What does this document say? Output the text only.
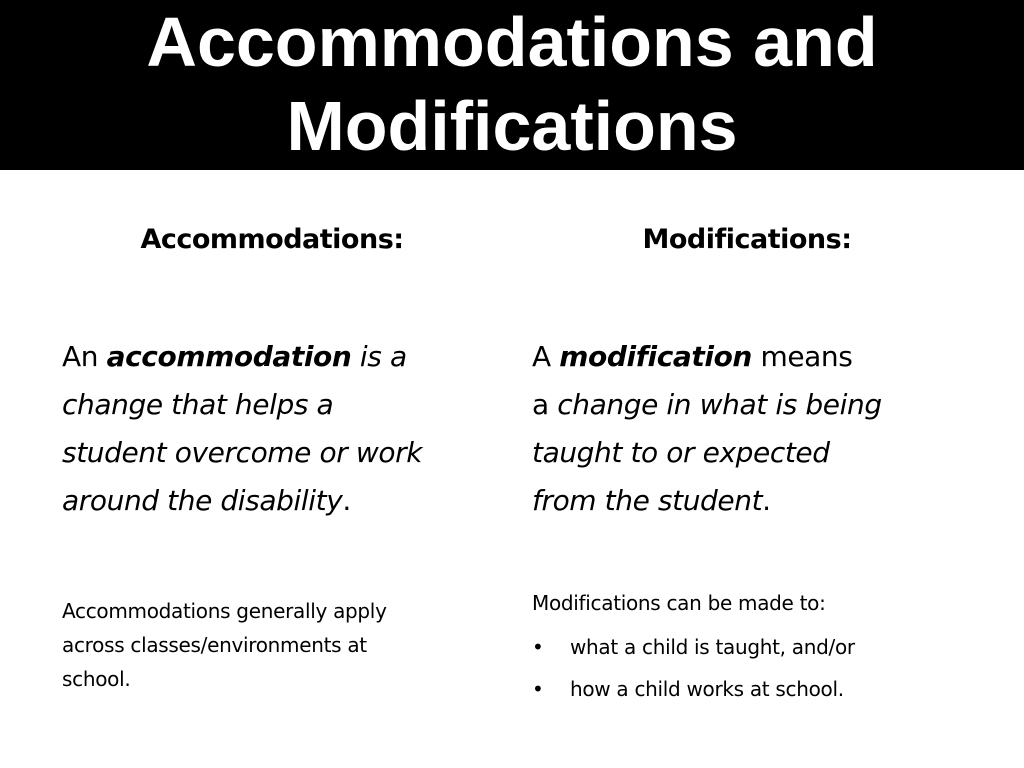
Accommodations and
Modifications
Accommodations:	Modifications:

An accommodation is a
change that helps a
student overcome or work
around the disability.

A modification means
a change in what is being
taught to or expected
from the student.

Accommodations generally apply
across classes/environments at
school.

Modifications can be made to:

• what a child is taught, and/or
• how a child works at school.
